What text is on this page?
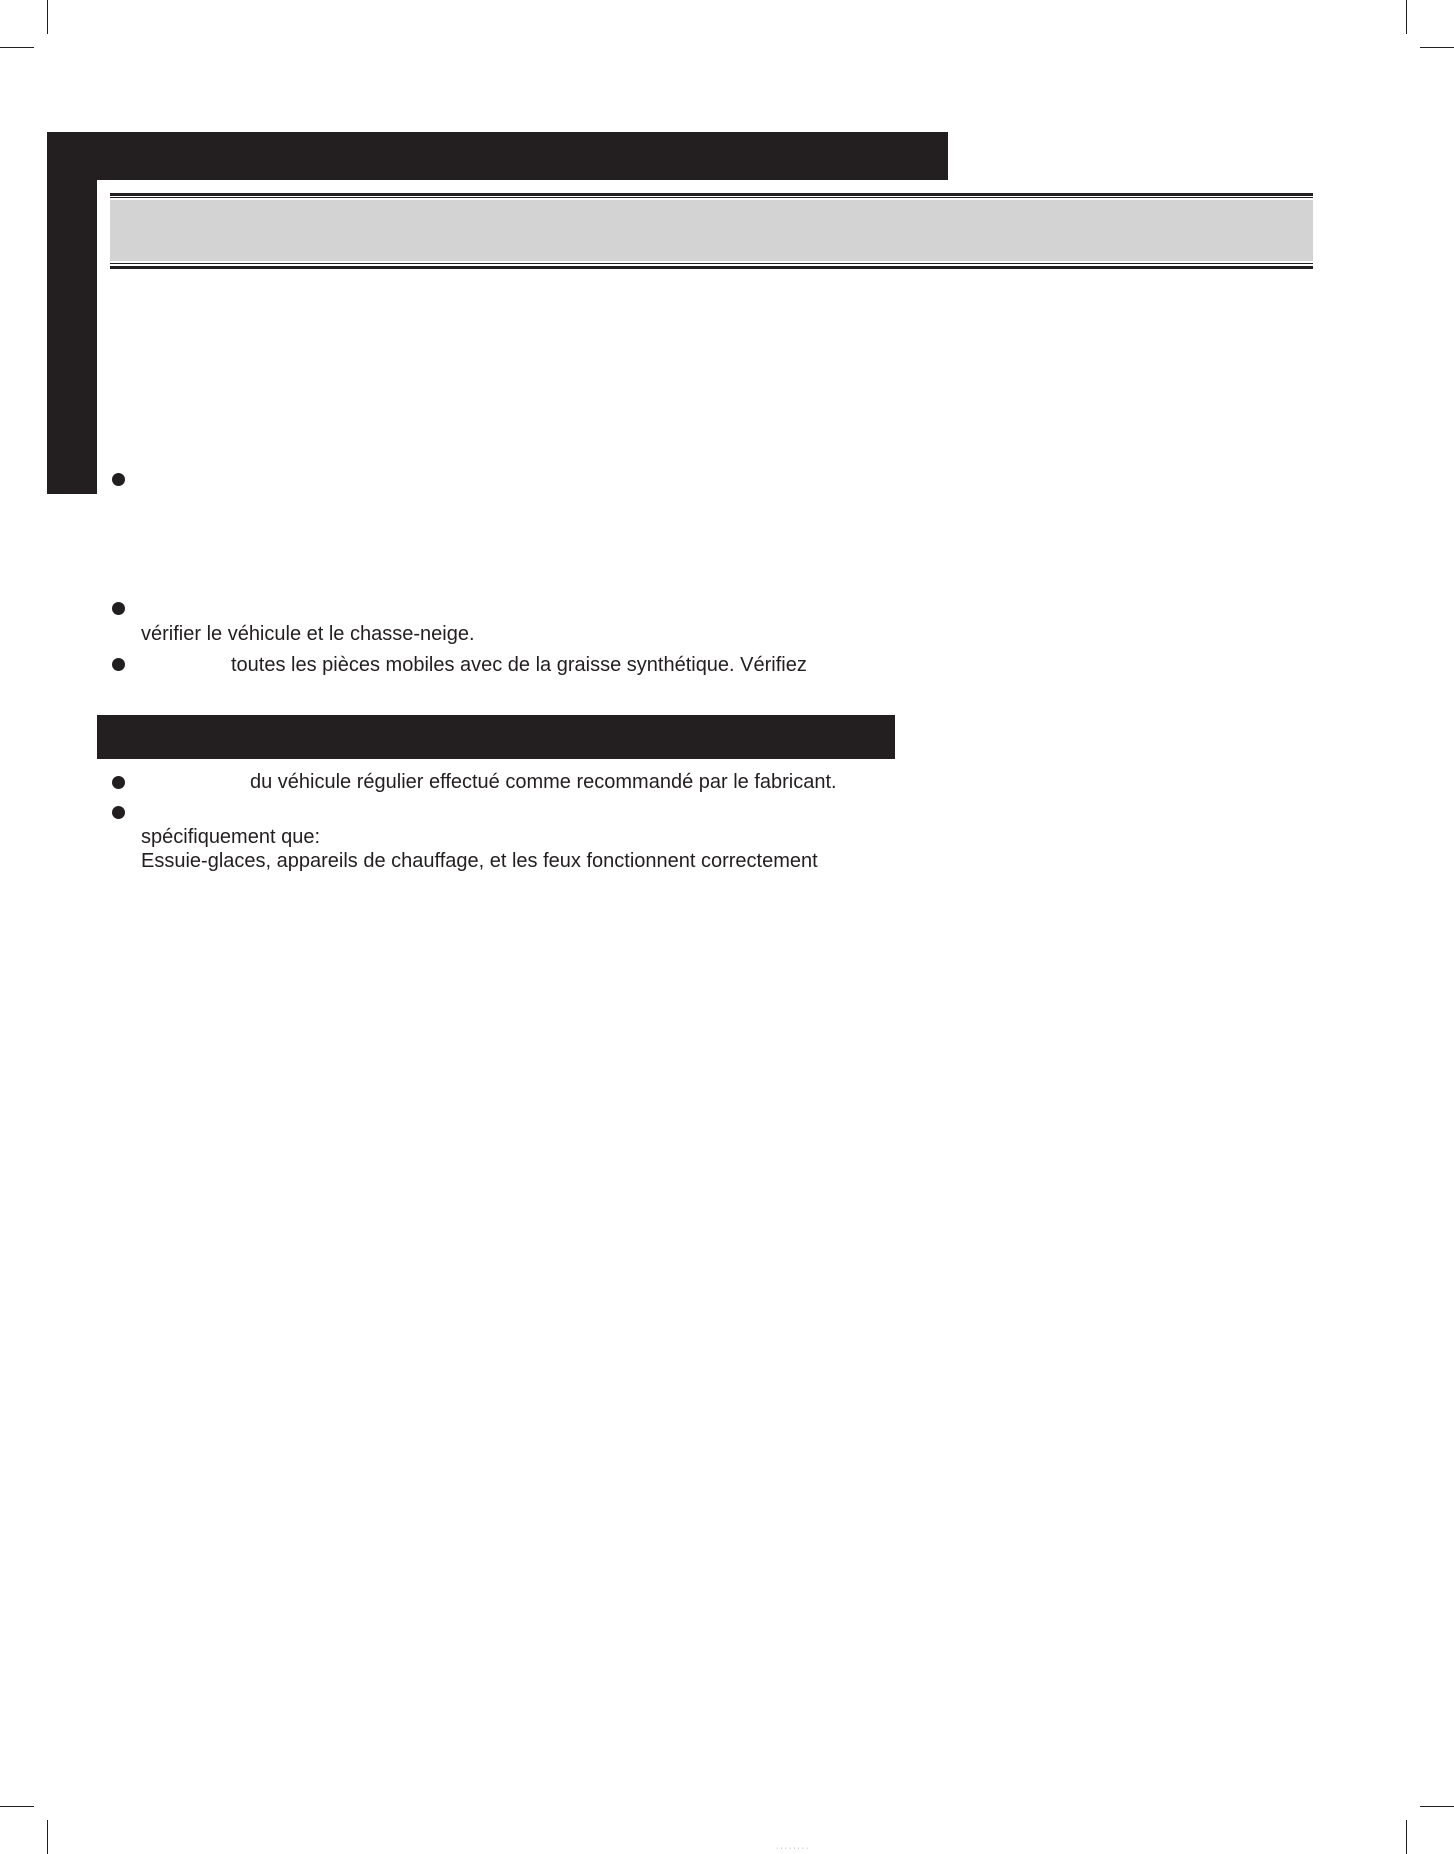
vérifier le véhicule et le chasse-neige.
toutes les pièces mobiles avec de la graisse synthétique. Vérifiez
du véhicule régulier effectué comme recommandé par le fabricant.
spécifiquement que:
Essuie-glaces, appareils de chauffage, et les feux fonctionnent correctement
· · · · · · · ·
